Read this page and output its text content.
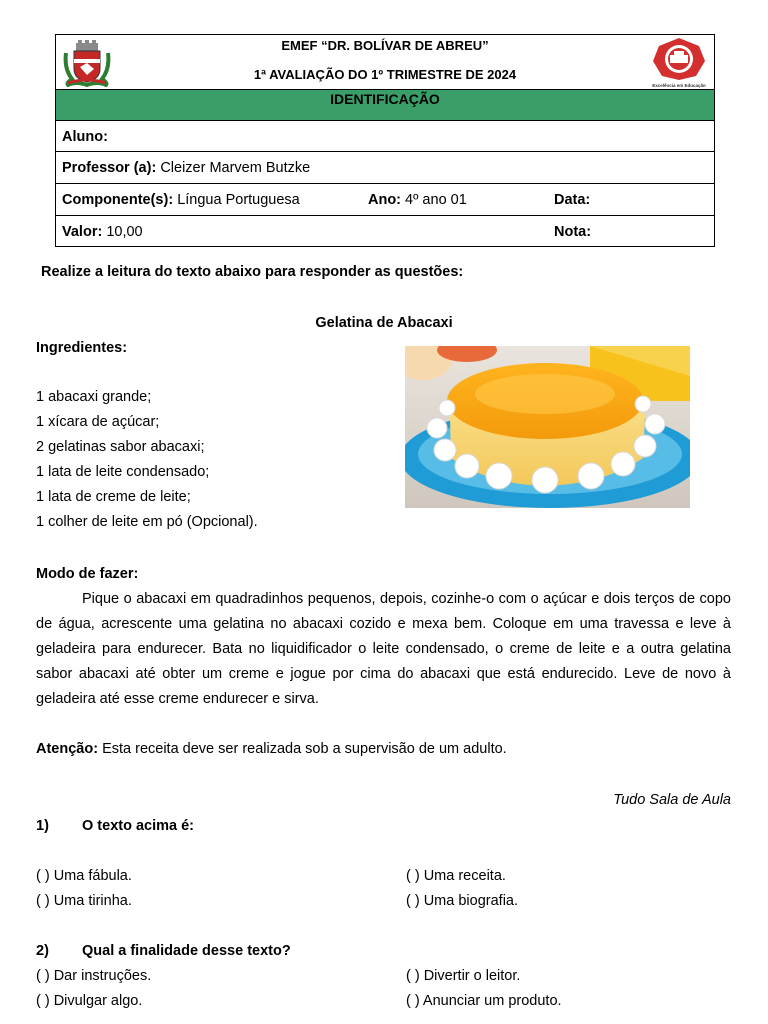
EMEF “DR. BOLÍVAR DE ABREU”
1ª AVALIAÇÃO DO 1º TRIMESTRE DE 2024
Excelência em Educação
IDENTIFICAÇÃO
Aluno:
Professor (a): Cleizer Marvem Butzke
Componente(s): Língua Portuguesa	Ano: 4º ano 01	Data:
Valor: 10,00	Nota:
Realize a leitura do texto abaixo para responder as questões:
Gelatina de Abacaxi
Ingredientes:
1 abacaxi grande;
1 xícara de açúcar;
2 gelatinas sabor abacaxi;
1 lata de leite condensado;
1 lata de creme de leite;
1 colher de leite em pó (Opcional).
Modo de fazer:
Pique o abacaxi em quadradinhos pequenos, depois, cozinhe-o com o açúcar e dois terços de copo de água, acrescente uma gelatina no abacaxi cozido e mexa bem. Coloque em uma travessa e leve à geladeira para endurecer. Bata no liquidificador o leite condensado, o creme de leite e a outra gelatina sabor abacaxi até obter um creme e jogue por cima do abacaxi que está endurecido. Leve de novo à geladeira até esse creme endurecer e sirva.
Atenção: Esta receita deve ser realizada sob a supervisão de um adulto.
Tudo Sala de Aula
1) O texto acima é:
( ) Uma fábula.	( ) Uma receita.
( ) Uma tirinha.	( ) Uma biografia.
2) Qual a finalidade desse texto?
( ) Dar instruções.	( ) Divertir o leitor.
( ) Divulgar algo.	( ) Anunciar um produto.
